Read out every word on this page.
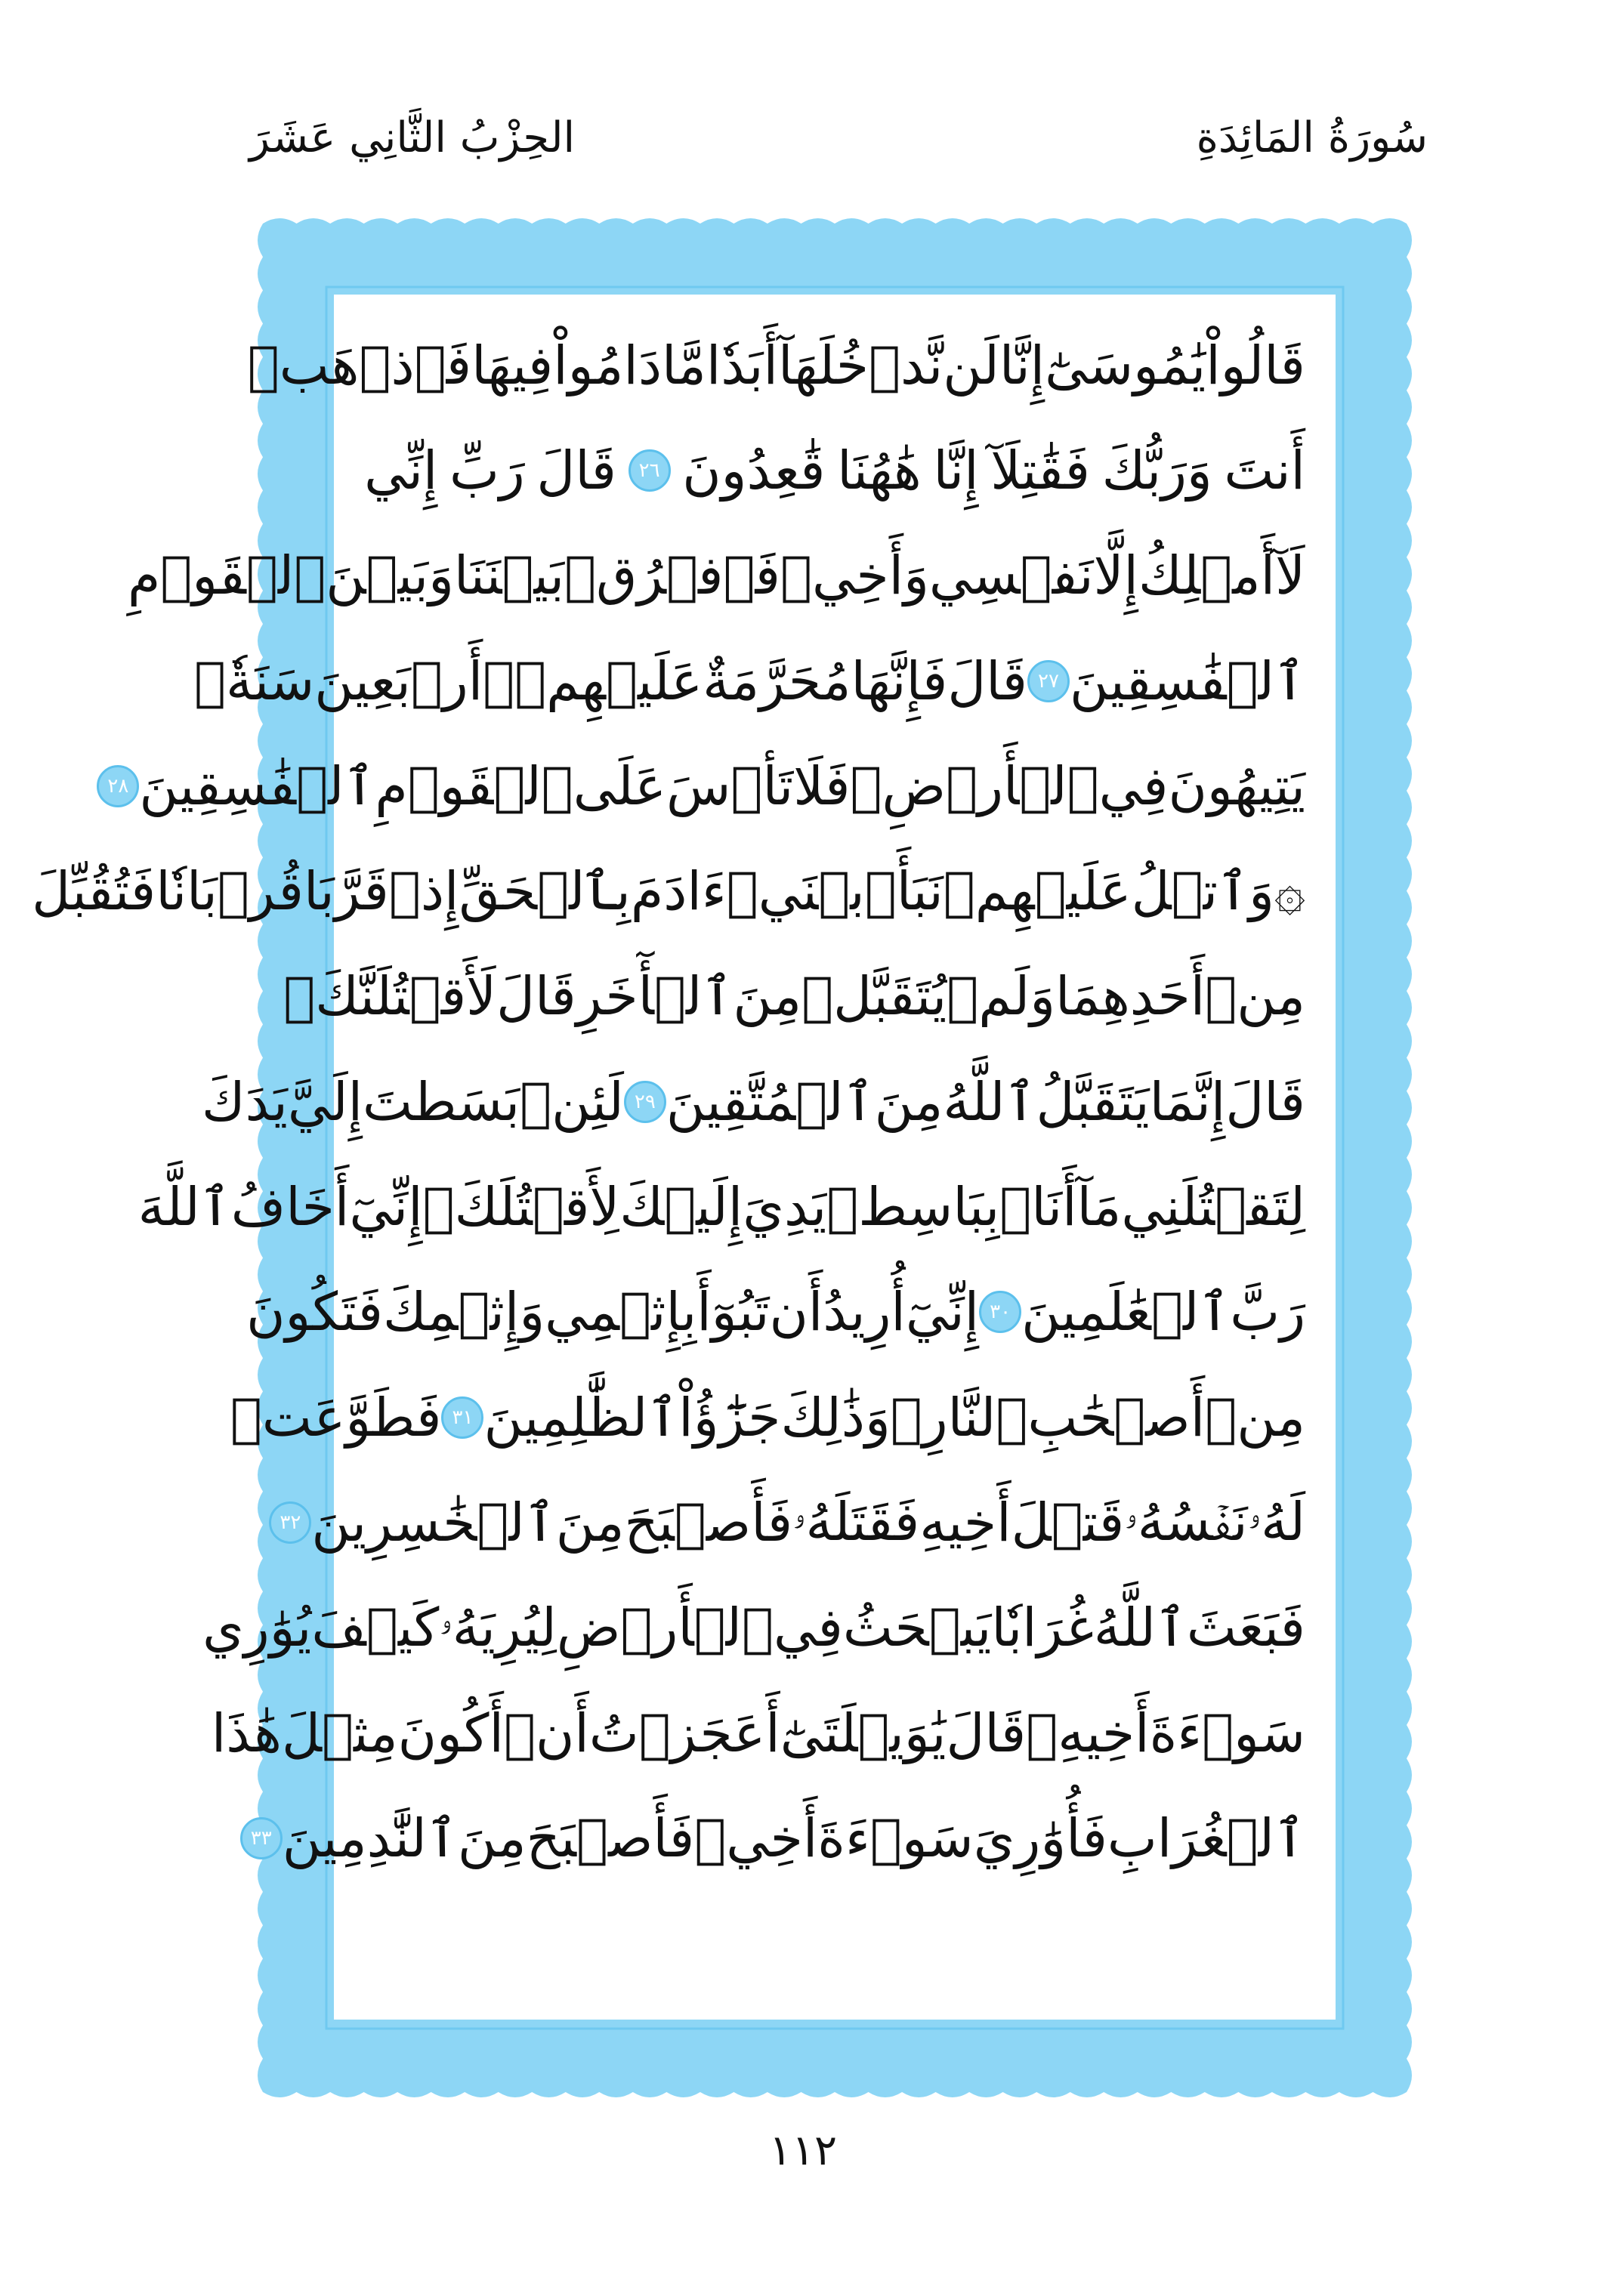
سُورَةُ المَائِدَةِ
الحِزْبُ الثَّانِي عَشَرَ
قَالُواْ
يَٰمُوسَىٰٓ
إِنَّا
لَن
نَّدۡخُلَهَآ
أَبَدٗا
مَّا
دَامُواْ
فِيهَا
فَٱذۡهَبۡ
أَنتَ
وَرَبُّكَ
فَقَٰتِلَآ
إِنَّا
هَٰهُنَا
قَٰعِدُونَ
٢٦
قَالَ
رَبِّ
إِنِّي
لَآ
أَمۡلِكُ
إِلَّا
نَفۡسِي
وَأَخِيۖ
فَٱفۡرُقۡ
بَيۡنَنَا
وَبَيۡنَ
ٱلۡقَوۡمِ
ٱلۡفَٰسِقِينَ
٢٧
قَالَ
فَإِنَّهَا
مُحَرَّمَةٌ
عَلَيۡهِمۡۛ
أَرۡبَعِينَ
سَنَةٗۛ
يَتِيهُونَ
فِي
ٱلۡأَرۡضِۚ
فَلَا
تَأۡسَ
عَلَى
ٱلۡقَوۡمِ
ٱلۡفَٰسِقِينَ
٢٨
۞وَٱتۡلُ
عَلَيۡهِمۡ
نَبَأَ
ٱبۡنَيۡ
ءَادَمَ
بِٱلۡحَقِّ
إِذۡ
قَرَّبَا
قُرۡبَانٗا
فَتُقُبِّلَ
مِنۡ
أَحَدِهِمَا
وَلَمۡ
يُتَقَبَّلۡ
مِنَ
ٱلۡأٓخَرِ
قَالَ
لَأَقۡتُلَنَّكَۖ
قَالَ
إِنَّمَا
يَتَقَبَّلُ
ٱللَّهُ
مِنَ
ٱلۡمُتَّقِينَ
٢٩
لَئِنۢ
بَسَطتَ
إِلَيَّ
يَدَكَ
لِتَقۡتُلَنِي
مَآ
أَنَا۠
بِبَاسِطٖ
يَدِيَ
إِلَيۡكَ
لِأَقۡتُلَكَۖ
إِنِّيٓ
أَخَافُ
ٱللَّهَ
رَبَّ
ٱلۡعَٰلَمِينَ
٣٠
إِنِّيٓ
أُرِيدُ
أَن
تَبُوٓأَ
بِإِثۡمِي
وَإِثۡمِكَ
فَتَكُونَ
مِنۡ
أَصۡحَٰبِ
ٱلنَّارِۚ
وَذَٰلِكَ
جَزَٰٓؤُاْ
ٱلظَّٰلِمِينَ
٣١
فَطَوَّعَتۡ
لَهُۥ
نَفۡسُهُۥ
قَتۡلَ
أَخِيهِ
فَقَتَلَهُۥ
فَأَصۡبَحَ
مِنَ
ٱلۡخَٰسِرِينَ
٣٢
فَبَعَثَ
ٱللَّهُ
غُرَابٗا
يَبۡحَثُ
فِي
ٱلۡأَرۡضِ
لِيُرِيَهُۥ
كَيۡفَ
يُوَٰرِي
سَوۡءَةَ
أَخِيهِۚ
قَالَ
يَٰوَيۡلَتَىٰٓ
أَعَجَزۡتُ
أَنۡ
أَكُونَ
مِثۡلَ
هَٰذَا
ٱلۡغُرَابِ
فَأُوَٰرِيَ
سَوۡءَةَ
أَخِيۖ
فَأَصۡبَحَ
مِنَ
ٱلنَّٰدِمِينَ
٣٣
١١٢
